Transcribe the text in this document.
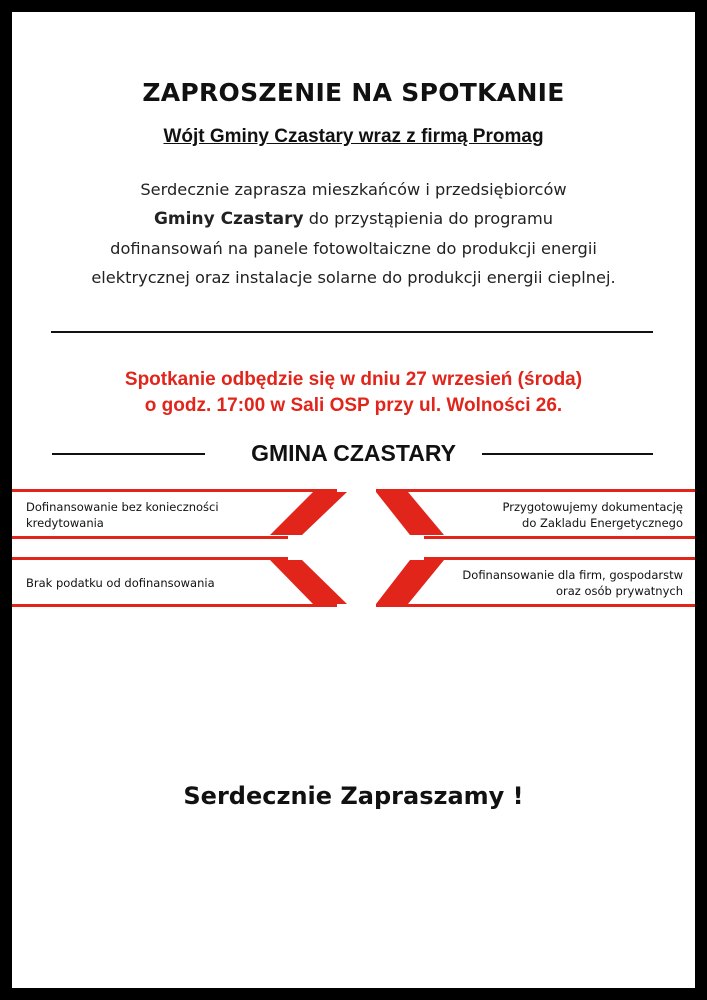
ZAPROSZENIE NA SPOTKANIE
Wójt Gminy Czastary wraz z firmą Promag
Serdecznie zaprasza mieszkańców i przedsiębiorców
Gminy Czastary do przystąpienia do programu
dofinansowań na panele fotowoltaiczne do produkcji energii
elektrycznej oraz instalacje solarne do produkcji energii cieplnej.
Spotkanie odbędzie się w dniu 27 wrzesień (środa)
o godz. 17:00 w Sali OSP przy ul. Wolności 26.
GMINA CZASTARY
Dofinansowanie bez konieczności
kredytowania
Przygotowujemy dokumentację
do Zakladu Energetycznego
Brak podatku od dofinansowania
Dofinansowanie dla firm, gospodarstw
oraz osób prywatnych
Serdecznie Zapraszamy !
